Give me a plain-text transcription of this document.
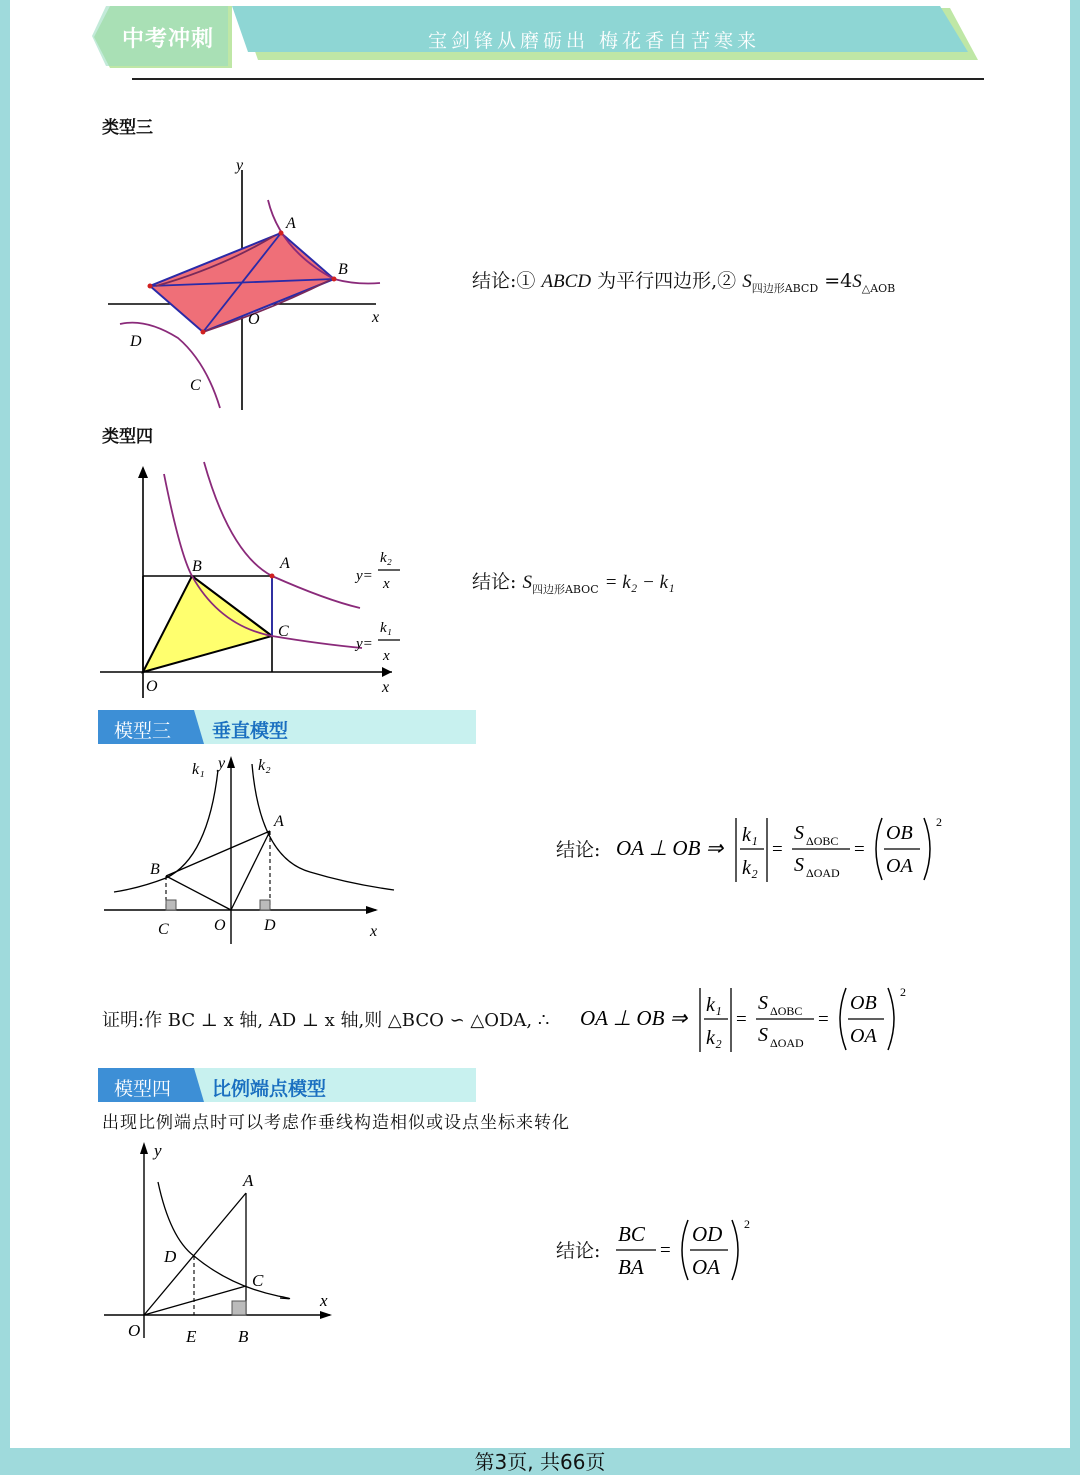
中考冲刺	宝剑锋从磨砺出 梅花香自苦寒来
类型三
y
A
B
O	x
D
C
结论:① ABCD 为平行四边形,② $S_{四边形ABCD} =4S_{\triangle AOB}$
类型四
B	A
C
O	x
y=
k₂
x
y=
k₁
x
结论: $S_{四边形ABOC} = k_2 - k_1$
模型三 垂直模型
k₁ y k₂
A
B
C	O D	x
结论: OA ⊥ OB ⇒
k₁
k₂
=
S ΔOBC
S ΔOAD
=
OB
OA
2
证明:作 BC ⊥ x 轴, AD ⊥ x 轴,则 △BCO ∽ △ODA, ∴ OA ⊥ OB ⇒
k₁
k₂
=
S ΔOBC
S ΔOAD
=
OB
OA
2
模型四 比例端点模型
出现比例端点时可以考虑作垂线构造相似或设点坐标来转化
y
A
D
C
x
O	E B
结论:
BC
BA
=
OD
OA
2
第3页, 共66页
